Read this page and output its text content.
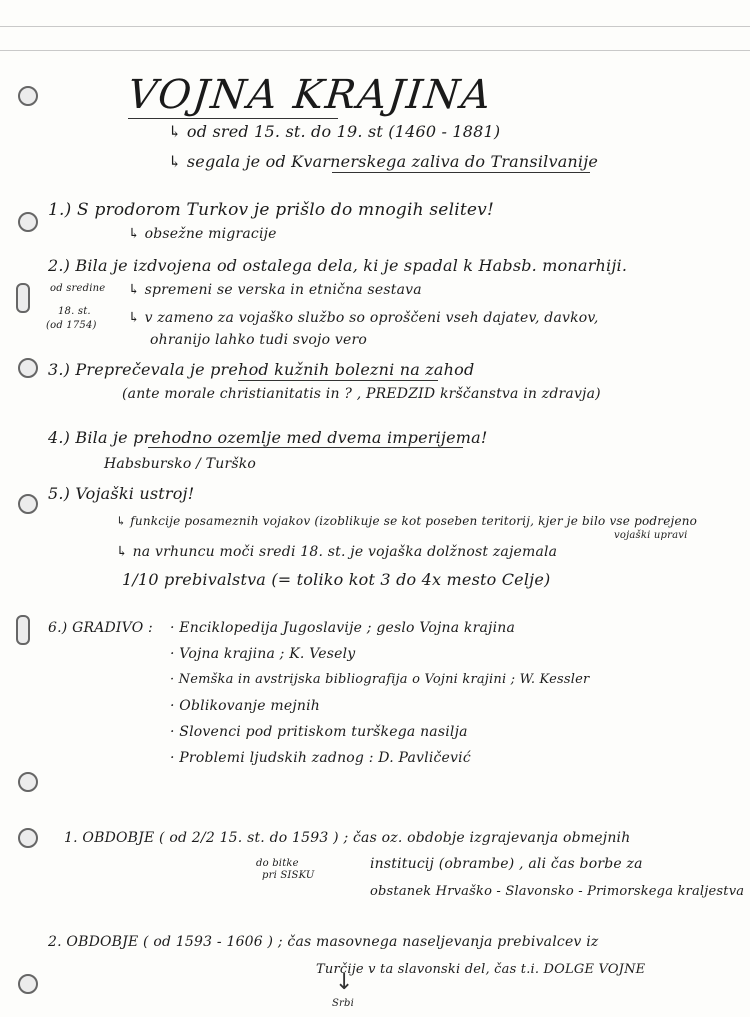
VOJNA KRAJINA
↳ od sred 15. st. do 19. st (1460 - 1881)
↳ segala je od Kvarnerskega zaliva do Transilvanije
1.) S prodorom Turkov je prišlo do mnogih selitev!
↳ obsežne migracije
2.) Bila je izdvojena od ostalega dela, ki je spadal k Habsb. monarhiji.
od sredine
18. st.
(od 1754)
↳ spremeni se verska in etnična sestava
↳ v zameno za vojaško službo so oproščeni vseh dajatev, davkov,
ohranijo lahko tudi svojo vero
3.) Preprečevala je prehod kužnih bolezni na zahod
(ante morale christianitatis in ? , PREDZID krščanstva in zdravja)
4.) Bila je prehodno ozemlje med dvema imperijema!
Habsbursko / Turško
5.) Vojaški ustroj!
↳ funkcije posameznih vojakov (izoblikuje se kot poseben teritorij, kjer je bilo vse podrejeno
vojaški upravi
↳ na vrhuncu moči sredi 18. st. je vojaška dolžnost zajemala
1/10 prebivalstva (= toliko kot 3 do 4x mesto Celje)
6.) GRADIVO : · Enciklopedija Jugoslavije ; geslo Vojna krajina
· Vojna krajina ; K. Vesely
· Nemška in avstrijska bibliografija o Vojni krajini ; W. Kessler
· Oblikovanje mejnih
· Slovenci pod pritiskom turškega nasilja
· Problemi ljudskih zadnog : D. Pavličević
1. OBDOBJE ( od 2/2 15. st. do 1593 ) ; čas oz. obdobje izgrajevanja obmejnih
do bitke
pri SISKU
institucij (obrambe) , ali čas borbe za
obstanek Hrvaško - Slavonsko - Primorskega kraljestva
2. OBDOBJE ( od 1593 - 1606 ) ; čas masovnega naseljevanja prebivalcev iz
Turčije v ta slavonski del, čas t.i. DOLGE VOJNE
↓
Srbi
